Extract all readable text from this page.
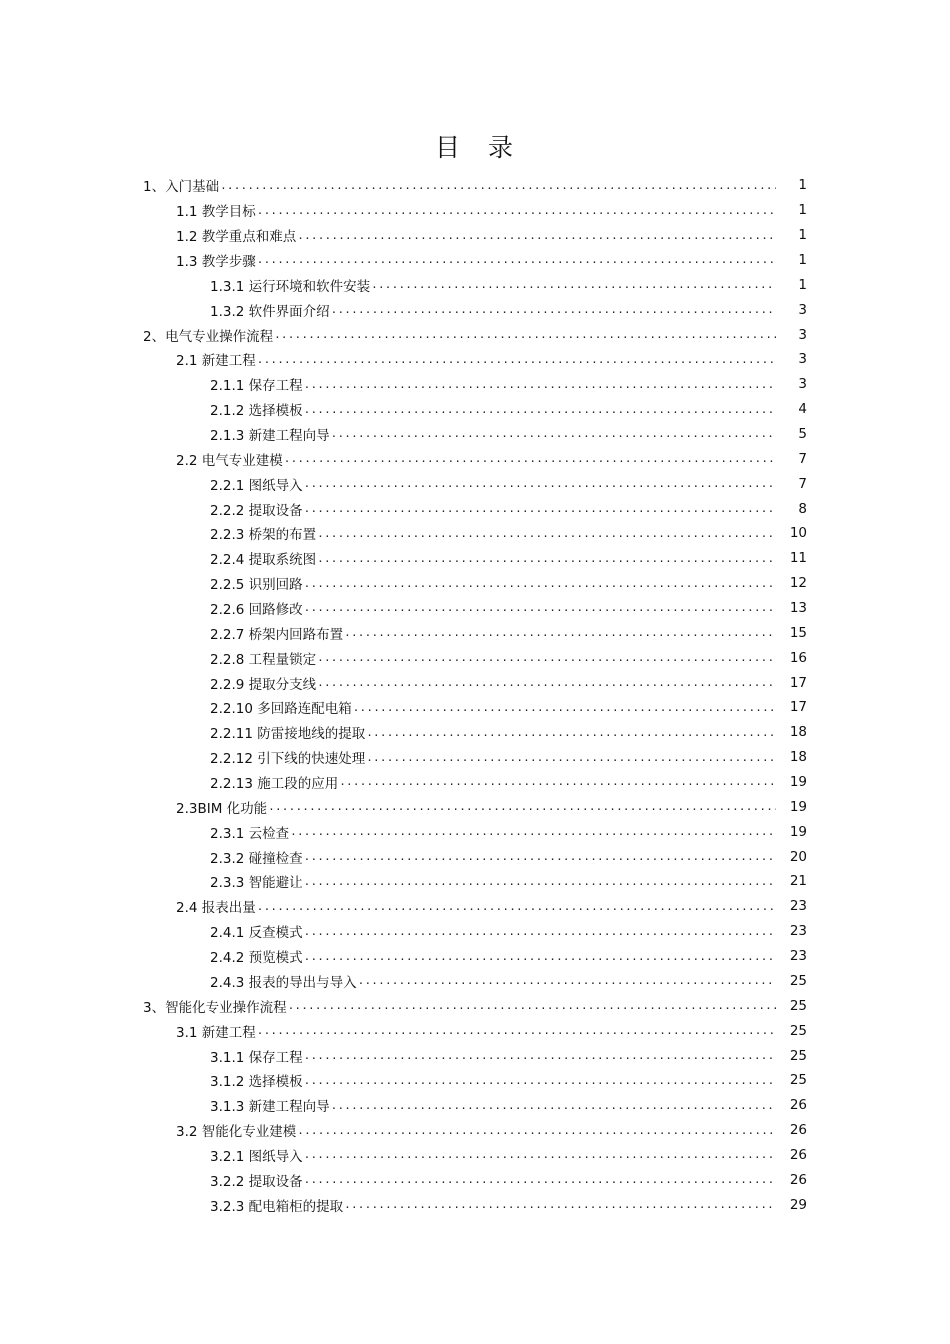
目 录
1、入门基础 .....	1
1.1 教学目标 .....	1
1.2 教学重点和难点 .....	1
1.3 教学步骤 .....	1
1.3.1 运行环境和软件安装 .....	1
1.3.2 软件界面介绍 .....	3
2、电气专业操作流程 .....	3
2.1 新建工程 .....	3
2.1.1 保存工程 .....	3
2.1.2 选择模板 .....	4
2.1.3 新建工程向导 .....	5
2.2 电气专业建模 .....	7
2.2.1 图纸导入 .....	7
2.2.2 提取设备 .....	8
2.2.3 桥架的布置 .....	10
2.2.4 提取系统图 .....	11
2.2.5 识别回路 .....	12
2.2.6 回路修改 .....	13
2.2.7 桥架内回路布置 .....	15
2.2.8 工程量锁定 .....	16
2.2.9 提取分支线 .....	17
2.2.10 多回路连配电箱 .....	17
2.2.11 防雷接地线的提取 .....	18
2.2.12 引下线的快速处理 .....	18
2.2.13 施工段的应用 .....	19
2.3BIM 化功能 .....	19
2.3.1 云检查 .....	19
2.3.2 碰撞检查 .....	20
2.3.3 智能避让 .....	21
2.4 报表出量 .....	23
2.4.1 反查模式 .....	23
2.4.2 预览模式 .....	23
2.4.3 报表的导出与导入 .....	25
3、智能化专业操作流程 .....	25
3.1 新建工程 .....	25
3.1.1 保存工程 .....	25
3.1.2 选择模板 .....	25
3.1.3 新建工程向导 .....	26
3.2 智能化专业建模 .....	26
3.2.1 图纸导入 .....	26
3.2.2 提取设备 .....	26
3.2.3 配电箱柜的提取 .....	29
